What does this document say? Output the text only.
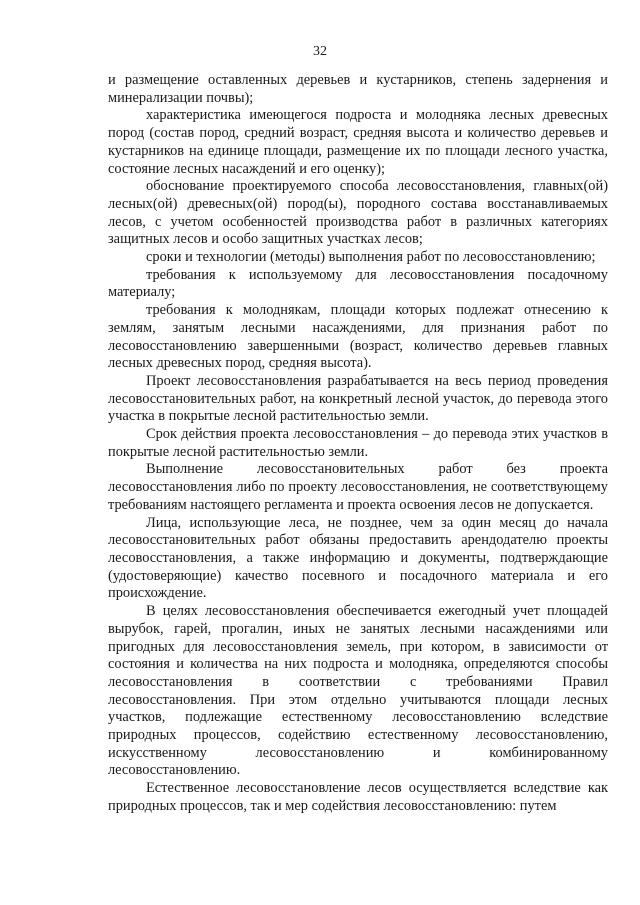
32

и размещение оставленных деревьев и кустарников, степень задернения и минерализации почвы);

характеристика имеющегося подроста и молодняка лесных древесных пород (состав пород, средний возраст, средняя высота и количество деревьев и кустарников на единице площади, размещение их по площади лесного участка, состояние лесных насаждений и его оценку);

обоснование проектируемого способа лесовосстановления, главных(ой) лесных(ой) древесных(ой) пород(ы), породного состава восстанавливаемых лесов, с учетом особенностей производства работ в различных категориях защитных лесов и особо защитных участках лесов;

сроки и технологии (методы) выполнения работ по лесовосстановлению;

требования к используемому для лесовосстановления посадочному материалу;

требования к молоднякам, площади которых подлежат отнесению к землям, занятым лесными насаждениями, для признания работ по лесовосстановлению завершенными (возраст, количество деревьев главных лесных древесных пород, средняя высота).

Проект лесовосстановления разрабатывается на весь период проведения лесовосстановительных работ, на конкретный лесной участок, до перевода этого участка в покрытые лесной растительностью земли.

Срок действия проекта лесовосстановления – до перевода этих участков в покрытые лесной растительностью земли.

Выполнение лесовосстановительных работ без проекта лесовосстановления либо по проекту лесовосстановления, не соответствующему требованиям настоящего регламента и проекта освоения лесов не допускается.

Лица, использующие леса, не позднее, чем за один месяц до начала лесовосстановительных работ обязаны предоставить арендодателю проекты лесовосстановления, а также информацию и документы, подтверждающие (удостоверяющие) качество посевного и посадочного материала и его происхождение.

В целях лесовосстановления обеспечивается ежегодный учет площадей вырубок, гарей, прогалин, иных не занятых лесными насаждениями или пригодных для лесовосстановления земель, при котором, в зависимости от состояния и количества на них подроста и молодняка, определяются способы лесовосстановления в соответствии с требованиями Правил лесовосстановления. При этом отдельно учитываются площади лесных участков, подлежащие естественному лесовосстановлению вследствие природных процессов, содействию естественному лесовосстановлению, искусственному лесовосстановлению и комбинированному лесовосстановлению.

Естественное лесовосстановление лесов осуществляется вследствие как природных процессов, так и мер содействия лесовосстановлению: путем
